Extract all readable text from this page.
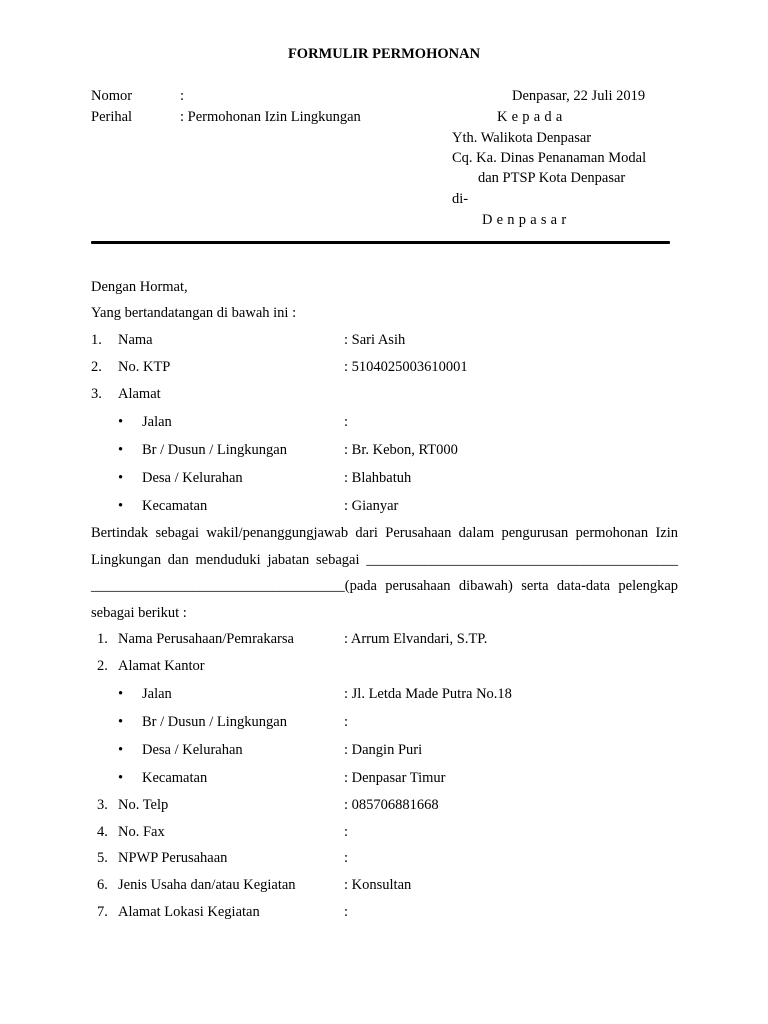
FORMULIR PERMOHONAN
Nomor	:
Perihal	: Permohonan Izin Lingkungan
Denpasar, 22 Juli 2019
Kepada
Yth. Walikota Denpasar
Cq. Ka. Dinas Penanaman Modal
dan PTSP Kota Denpasar
di-
Denpasar
Dengan Hormat,
Yang bertandatangan di bawah ini :
1. Nama	: Sari Asih
2. No. KTP	: 5104025003610001
3. Alamat
• Jalan	:
• Br / Dusun / Lingkungan	: Br. Kebon, RT000
• Desa / Kelurahan	: Blahbatuh
• Kecamatan	: Gianyar
Bertindak sebagai wakil/penanggungjawab dari Perusahaan dalam pengurusan permohonan Izin
Lingkungan dan menduduki jabatan sebagai ___________________________________________
___________________________________(pada perusahaan dibawah) serta data-data pelengkap
sebagai berikut :
1. Nama Perusahaan/Pemrakarsa	: Arrum Elvandari, S.TP.
2. Alamat Kantor
• Jalan	: Jl. Letda Made Putra No.18
• Br / Dusun / Lingkungan	:
• Desa / Kelurahan	: Dangin Puri
• Kecamatan	: Denpasar Timur
3. No. Telp	: 085706881668
4. No. Fax	:
5. NPWP Perusahaan	:
6. Jenis Usaha dan/atau Kegiatan	: Konsultan
7. Alamat Lokasi Kegiatan	:
